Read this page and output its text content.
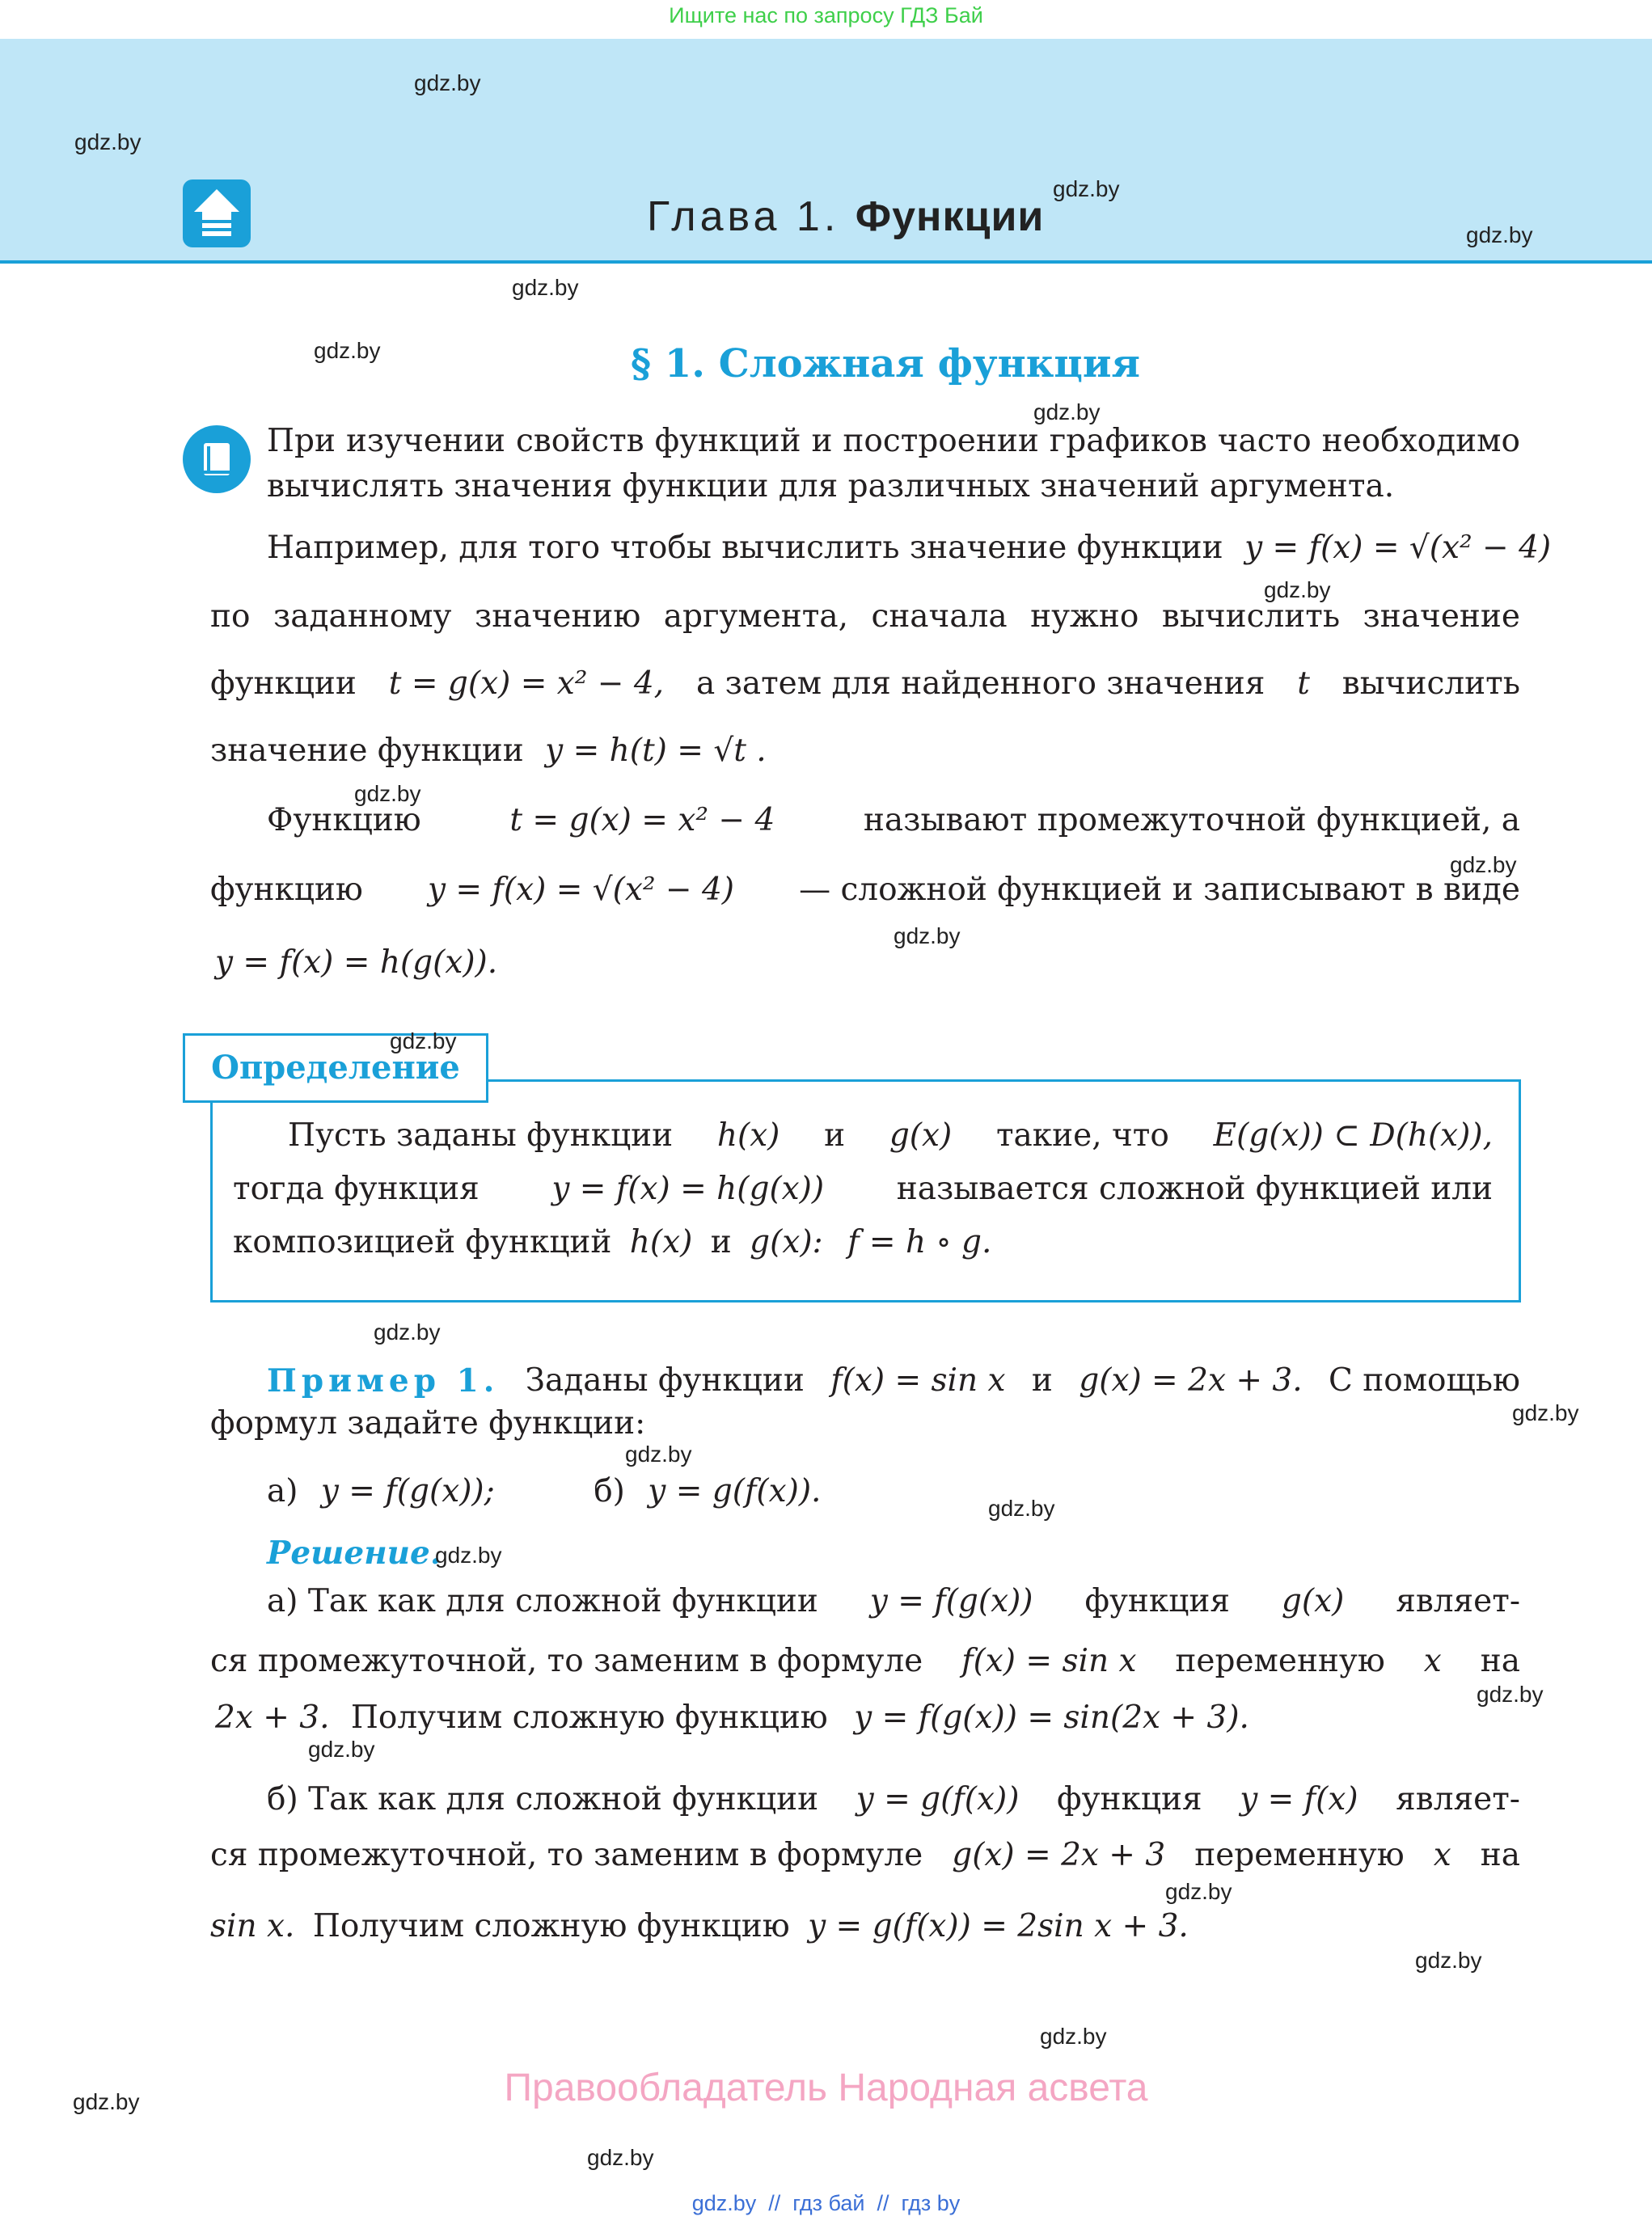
Ищите нас по запросу ГДЗ Бай
Глава 1. Функции
§ 1. Сложная функция
При изучении свойств функций и построении графиков часто необходимо вычислять значения функции для различных значений аргумента.
Например, для того чтобы вычислить значение функции y = f(x) = √(x² − 4)
по заданному значению аргумента, сначала нужно вычислить значение
функции t = g(x) = x² − 4, а затем для найденного значения t вычислить
значение функции y = h(t) = √t .
Функцию	t = g(x) = x² − 4	называют промежуточной функцией, а
функцию y = f(x) = √(x² − 4) — сложной функцией и записывают в виде
y = f(x) = h(g(x)).
Определение
Пусть заданы функции h(x) и g(x) такие, что E(g(x)) ⊂ D(h(x)),
тогда функция y = f(x) = h(g(x)) называется сложной функцией или
композицией функций h(x) и g(x): f = h ∘ g.
Пример 1. Заданы функции f(x) = sin x и g(x) = 2x + 3. С помощью
формул задайте функции:
а) y = f(g(x));	б) y = g(f(x)).
Решение.
а) Так как для сложной функции y = f(g(x)) функция g(x) являет-
ся промежуточной, то заменим в формуле f(x) = sin x переменную x на
2x + 3. Получим сложную функцию y = f(g(x)) = sin(2x + 3).
б) Так как для сложной функции y = g(f(x)) функция y = f(x) являет-
ся промежуточной, то заменим в формуле g(x) = 2x + 3 переменную x на
sin x. Получим сложную функцию y = g(f(x)) = 2sin x + 3.
Правообладатель Народная асвета
gdz.by  //  гдз бай  //  гдз by
gdz.by
gdz.by
gdz.by
gdz.by
gdz.by
gdz.by
gdz.by
gdz.by
gdz.by
gdz.by
gdz.by
gdz.by
gdz.by
gdz.by
gdz.by
gdz.by
gdz.by
gdz.by
gdz.by
gdz.by
gdz.by
gdz.by
gdz.by
gdz.by
